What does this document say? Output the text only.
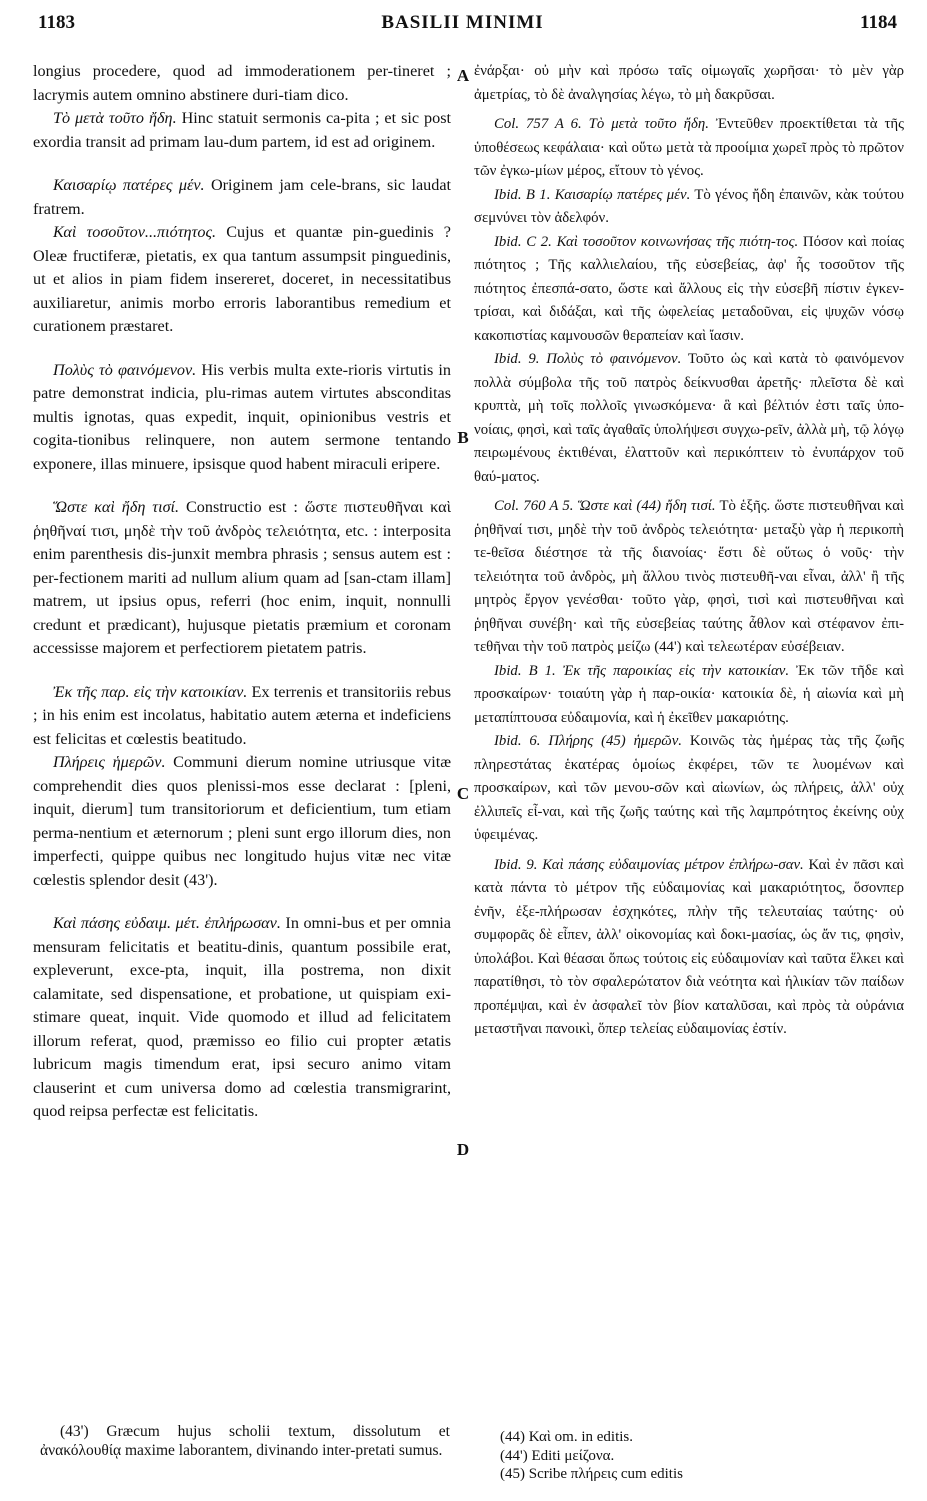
1183	BASILII MINIMI	1184

longius procedere, quod ad immoderationem per-tineret ; lacrymis autem omnino abstinere duri-tiam dico.

Τὸ μετὰ τοῦτο ἤδη. Hinc statuit sermonis ca-pita ; et sic post exordia transit ad primam lau-dum partem, id est ad originem.

Καισαρίῳ πατέρες μέν. Originem jam cele-brans, sic laudat fratrem.

Καὶ τοσοῦτον...πιότητος. Cujus et quantæ pin-guedinis ? Oleæ fructiferæ, pietatis, ex qua tantum assumpsit pinguedinis, ut et alios in piam fidem insereret, doceret, in necessitatibus auxiliaretur, animis morbo erroris laborantibus remedium et curationem præstaret.

Πολὺς τὸ φαινόμενον. His verbis multa exte-rioris virtutis in patre demonstrat indicia, plu-rimas autem virtutes absconditas multis ignotas, quas expedit, inquit, opinionibus vestris et cogita-tionibus relinquere, non autem sermone tentando exponere, illas minuere, ipsisque quod habent miraculi eripere.

Ὥστε καὶ ἤδη τισί. Constructio est : ὥστε πιστευθῆναι καὶ ῥηθῆναί τισι, μηδὲ τὴν τοῦ ἀνδρὸς τελειότητα, etc. : interposita enim parenthesis dis-junxit membra phrasis ; sensus autem est : per-fectionem mariti ad nullum alium quam ad [san-ctam illam] matrem, ut ipsius opus, referri (hoc enim, inquit, nonnulli credunt et prædicant), hujusque pietatis præmium et coronam accessisse majorem et perfectiorem pietatem patris.

Ἐκ τῆς παρ. εἰς τὴν κατοικίαν. Ex terrenis et transitoriis rebus ; in his enim est incolatus, habitatio autem æterna et indeficiens est felicitas et cœlestis beatitudo.

Πλήρεις ἡμερῶν. Communi dierum nomine utriusque vitæ comprehendit dies quos plenissi-mos esse declarat : [pleni, inquit, dierum] tum transitoriorum et deficientium, tum etiam perma-nentium et æternorum ; pleni sunt ergo illorum dies, non imperfecti, quippe quibus nec longitudo hujus vitæ nec vitæ cœlestis splendor desit (43').

Καὶ πάσης εὐδαιμ. μέτ. ἐπλήρωσαν. In omni-bus et per omnia mensuram felicitatis et beatitu-dinis, quantum possibile erat, expleverunt, exce-pta, inquit, illa postrema, non dixit calamitate, sed dispensatione, et probatione, ut quispiam exi-stimare queat, inquit. Vide quomodo et illud ad felicitatem illorum referat, quod, præmisso eo filio cui propter ætatis lubricum magis timendum erat, ipsi securo animo vitam clauserint et cum universa domo ad cœlestia transmigrarint, quod reipsa perfectæ est felicitatis.

A
B
C
D

ἐνάρξαι· οὐ μὴν καὶ πρόσω ταῖς οἰμωγαῖς χωρῆσαι· τὸ μὲν γὰρ ἀμετρίας, τὸ δὲ ἀναλγησίας λέγω, τὸ μὴ δακρῦσαι.

Col. 757 A 6. Τὸ μετὰ τοῦτο ἤδη. Ἐντεῦθεν προεκτίθεται τὰ τῆς ὑποθέσεως κεφάλαια· καὶ οὕτω μετὰ τὰ προοίμια χωρεῖ πρὸς τὸ πρῶτον τῶν ἐγκω-μίων μέρος, εἴτουν τὸ γένος.

Ibid. B 1. Καισαρίῳ πατέρες μέν. Τὸ γένος ἤδη ἐπαινῶν, κὰκ τούτου σεμνύνει τὸν ἀδελφόν.

Ibid. C 2. Καὶ τοσοῦτον κοινωνήσας τῆς πιότη-τος. Πόσον καὶ ποίας πιότητος ; Τῆς καλλιελαίου, τῆς εὐσεβείας, ἀφ' ἧς τοσοῦτον τῆς πιότητος ἐπεσπά-σατο, ὥστε καὶ ἄλλους εἰς τὴν εὐσεβῆ πίστιν ἐγκεν-τρίσαι, καὶ διδάξαι, καὶ τῆς ὠφελείας μεταδοῦναι, εἰς ψυχῶν νόσῳ κακοπιστίας καμνουσῶν θεραπείαν καὶ ἴασιν.

Ibid. 9. Πολὺς τὸ φαινόμενον. Τοῦτο ὡς καὶ κατὰ τὸ φαινόμενον πολλὰ σύμβολα τῆς τοῦ πατρὸς δείκνυσθαι ἀρετῆς· πλεῖστα δὲ καὶ κρυπτὰ, μὴ τοῖς πολλοῖς γινωσκόμενα· ἃ καὶ βέλτιόν ἐστι ταῖς ὑπο-νοίαις, φησὶ, καὶ ταῖς ἀγαθαῖς ὑπολήψεσι συγχω-ρεῖν, ἀλλὰ μὴ, τῷ λόγῳ πειρωμένους ἐκτιθέναι, ἐλαττοῦν καὶ περικόπτειν τὸ ἐνυπάρχον τοῦ θαύ-ματος.

Col. 760 A 5. Ὥστε καὶ (44) ἤδη τισί. Τὸ ἑξῆς. ὥστε πιστευθῆναι καὶ ῥηθῆναί τισι, μηδὲ τὴν τοῦ ἀνδρὸς τελειότητα· μεταξὺ γὰρ ἡ περικοπὴ τε-θεῖσα διέστησε τὰ τῆς διανοίας· ἔστι δὲ οὕτως ὁ νοῦς· τὴν τελειότητα τοῦ ἀνδρὸς, μὴ ἄλλου τινὸς πιστευθῆ-ναι εἶναι, ἀλλ' ἢ τῆς μητρὸς ἔργον γενέσθαι· τοῦτο γὰρ, φησὶ, τισὶ καὶ πιστευθῆναι καὶ ῥηθῆναι συνέβη· καὶ τῆς εὐσεβείας ταύτης ἆθλον καὶ στέφανον ἐπι-τεθῆναι τὴν τοῦ πατρὸς μείζω (44') καὶ τελεωτέραν εὐσέβειαν.

Ibid. B 1. Ἐκ τῆς παροικίας εἰς τὴν κατοικίαν. Ἐκ τῶν τῆδε καὶ προσκαίρων· τοιαύτη γὰρ ἡ παρ-οικία· κατοικία δὲ, ἡ αἰωνία καὶ μὴ μεταπίπτουσα εὐδαιμονία, καὶ ἡ ἐκεῖθεν μακαριότης.

Ibid. 6. Πλήρης (45) ἡμερῶν. Κοινῶς τὰς ἡμέρας τὰς τῆς ζωῆς πληρεστάτας ἑκατέρας ὁμοίως ἐκφέρει, τῶν τε λυομένων καὶ προσκαίρων, καὶ τῶν μενου-σῶν καὶ αἰωνίων, ὡς πλήρεις, ἀλλ' οὐχ ἐλλιπεῖς εἶ-ναι, καὶ τῆς ζωῆς ταύτης καὶ τῆς λαμπρότητος ἐκείνης οὐχ ὑφειμένας.

Ibid. 9. Καὶ πάσης εὐδαιμονίας μέτρον ἐπλήρω-σαν. Καὶ ἐν πᾶσι καὶ κατὰ πάντα τὸ μέτρον τῆς εὐδαιμονίας καὶ μακαριότητος, ὅσονπερ ἐνῆν, ἐξε-πλήρωσαν ἐσχηκότες, πλὴν τῆς τελευταίας ταύτης· οὐ συμφορᾶς δὲ εἶπεν, ἀλλ' οἰκονομίας καὶ δοκι-μασίας, ὡς ἄν τις, φησὶν, ὑπολάβοι. Καὶ θέασαι ὅπως τούτοις εἰς εὐδαιμονίαν καὶ ταῦτα ἕλκει καὶ παρατίθησι, τὸ τὸν σφαλερώτατον διὰ νεότητα καὶ ἡλικίαν τῶν παίδων προπέμψαι, καὶ ἐν ἀσφαλεῖ τὸν βίον καταλῦσαι, καὶ πρὸς τὰ οὐράνια μεταστῆναι πανοικὶ, ὅπερ τελείας εὐδαιμονίας ἐστίν.

(43') Græcum hujus scholii textum, dissolutum et ἀνακόλουθίᾳ maxime laborantem, divinando inter-pretati sumus.
(44) Καὶ om. in editis.
(44') Editi μείζονα.
(45) Scribe πλήρεις cum editis
